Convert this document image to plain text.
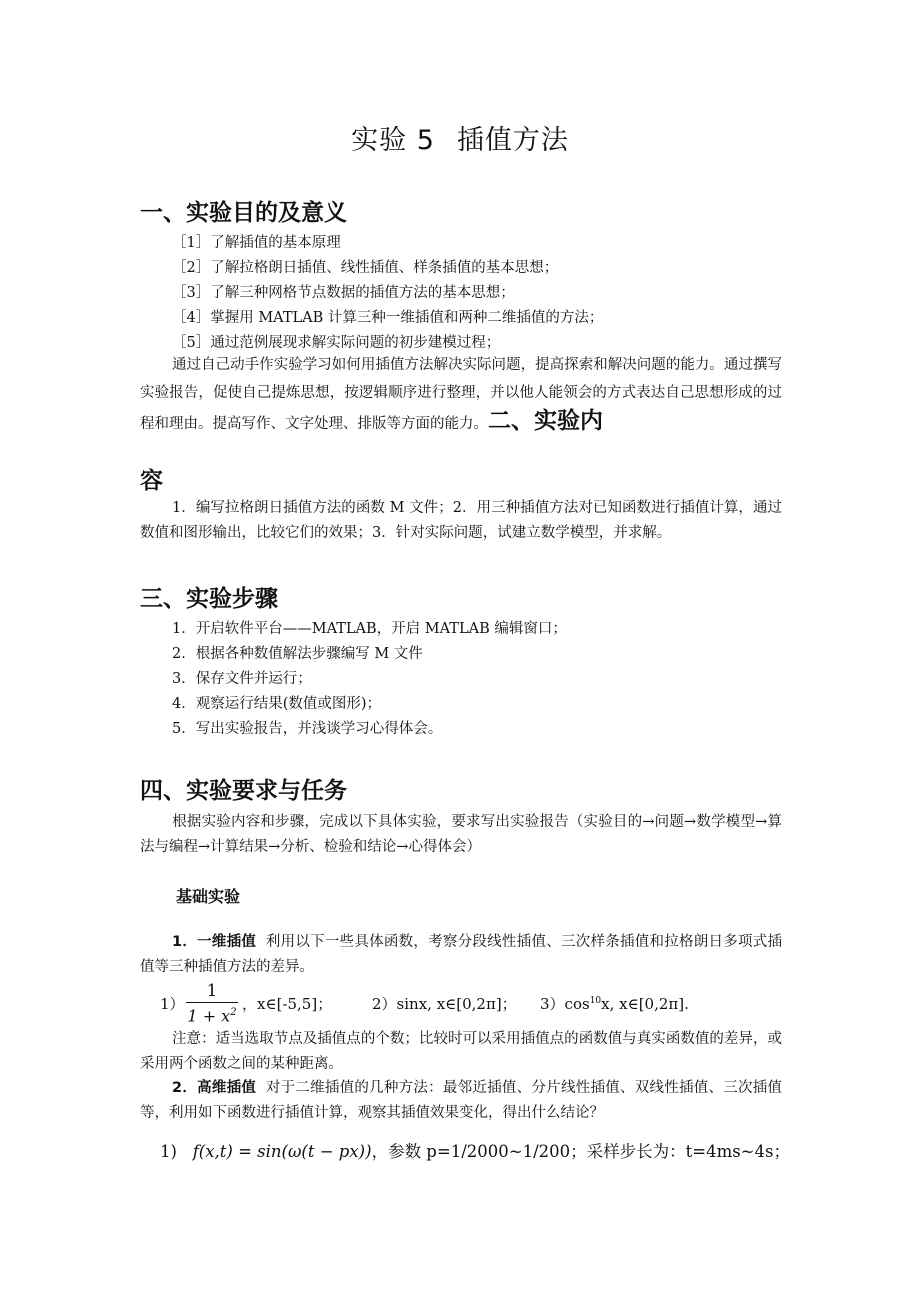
实验 5 插值方法
一、实验目的及意义
［1］了解插值的基本原理
［2］了解拉格朗日插值、线性插值、样条插值的基本思想；
［3］了解三种网格节点数据的插值方法的基本思想；
［4］掌握用 MATLAB 计算三种一维插值和两种二维插值的方法；
［5］通过范例展现求解实际问题的初步建模过程；
通过自己动手作实验学习如何用插值方法解决实际问题，提高探索和解决问题的能力。通过撰写实验报告，促使自己提炼思想，按逻辑顺序进行整理，并以他人能领会的方式表达自己思想形成的过程和理由。提高写作、文字处理、排版等方面的能力。二、实验内
容
1．编写拉格朗日插值方法的函数 M 文件；2．用三种插值方法对已知函数进行插值计算，通过数值和图形输出，比较它们的效果；3．针对实际问题，试建立数学模型，并求解。
三、实验步骤
1．开启软件平台——MATLAB，开启 MATLAB 编辑窗口；
2．根据各种数值解法步骤编写 M 文件
3．保存文件并运行；
4．观察运行结果(数值或图形)；
5．写出实验报告，并浅谈学习心得体会。
四、实验要求与任务
根据实验内容和步骤，完成以下具体实验，要求写出实验报告（实验目的→问题→数学模型→算法与编程→计算结果→分析、检验和结论→心得体会）
基础实验
1．一维插值 利用以下一些具体函数，考察分段线性插值、三次样条插值和拉格朗日多项式插值等三种插值方法的差异。
1）
1
$1 + x^2$ ，x∈[-5,5]；	2）sinx, x∈[0,2π]； $3)\cos^{10}x$, x∈[0,2π].
注意：适当选取节点及插值点的个数；比较时可以采用插值点的函数值与真实函数值的差异，或采用两个函数之间的某种距离。
2．高维插值 对于二维插值的几种方法：最邻近插值、分片线性插值、双线性插值、三次插值等，利用如下函数进行插值计算，观察其插值效果变化，得出什么结论？
1) f(x,t) = sin(ω(t − px))，参数 p=1/2000~1/200；采样步长为：t=4ms~4s；
